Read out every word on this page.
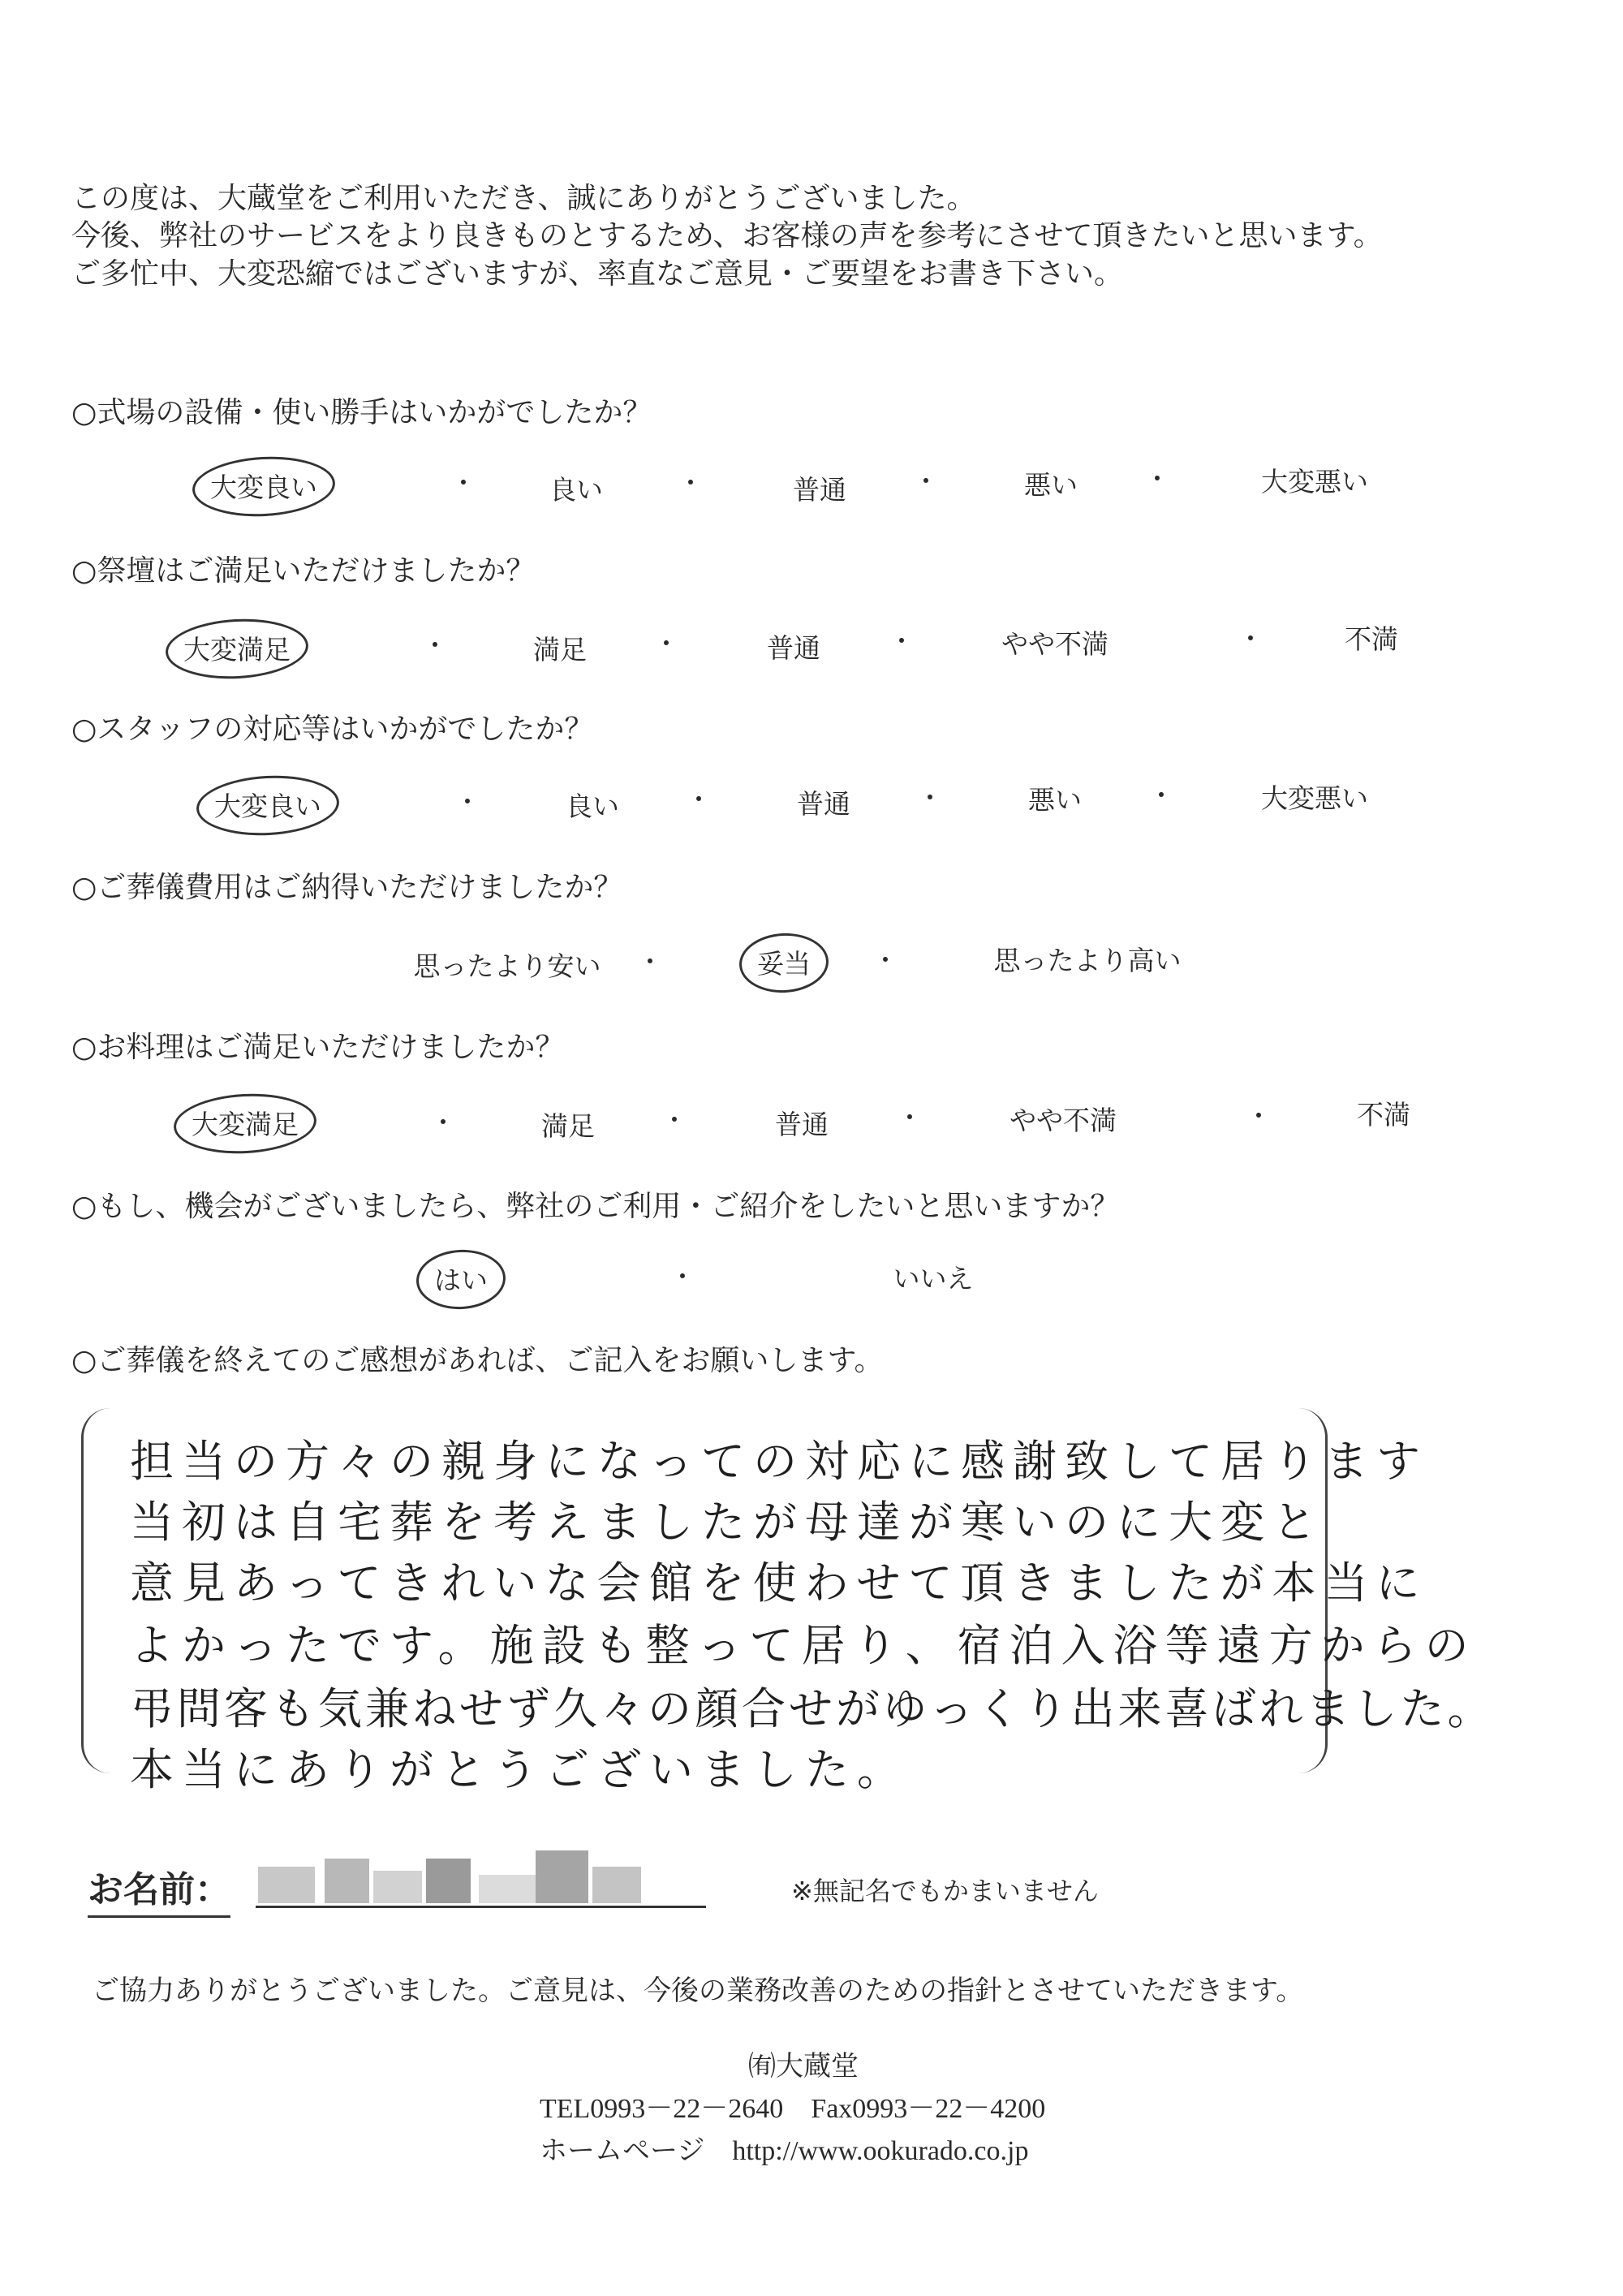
この度は、大蔵堂をご利用いただき、誠にありがとうございました。
今後、弊社のサービスをより良きものとするため、お客様の声を参考にさせて頂きたいと思います。
ご多忙中、大変恐縮ではございますが、率直なご意見・ご要望をお書き下さい。
○式場の設備・使い勝手はいかがでしたか？
大変良い	・	良い	・	普通	・	悪い	・	大変悪い
○祭壇はご満足いただけましたか？
大変満足	・	満足	・	普通	・	やや不満	・	不満
○スタッフの対応等はいかがでしたか？
大変良い	・	良い	・	普通	・	悪い	・	大変悪い
○ご葬儀費用はご納得いただけましたか？
思ったより安い ・	妥当 ・	思ったより高い
○お料理はご満足いただけましたか？
大変満足	・	満足	・	普通	・	やや不満	・	不満
○もし、機会がございましたら、弊社のご利用・ご紹介をしたいと思いますか？
はい	・	いいえ
○ご葬儀を終えてのご感想があれば、ご記入をお願いします。
担当の方々の親身になっての対応に感謝致して居ります
当初は自宅葬を考えましたが母達が寒いのに大変と
意見あってきれいな会館を使わせて頂きましたが本当に
よかったです。施設も整って居り、宿泊入浴等遠方からの
弔問客も気兼ねせず久々の顔合せがゆっくり出来喜ばれました。
本当にありがとうございました。
お名前：	※無記名でもかまいません
ご協力ありがとうございました。ご意見は、今後の業務改善のための指針とさせていただきます。
㈲大蔵堂
TEL0993－22－2640　Fax0993－22－4200
ホームページ　http://www.ookurado.co.jp
